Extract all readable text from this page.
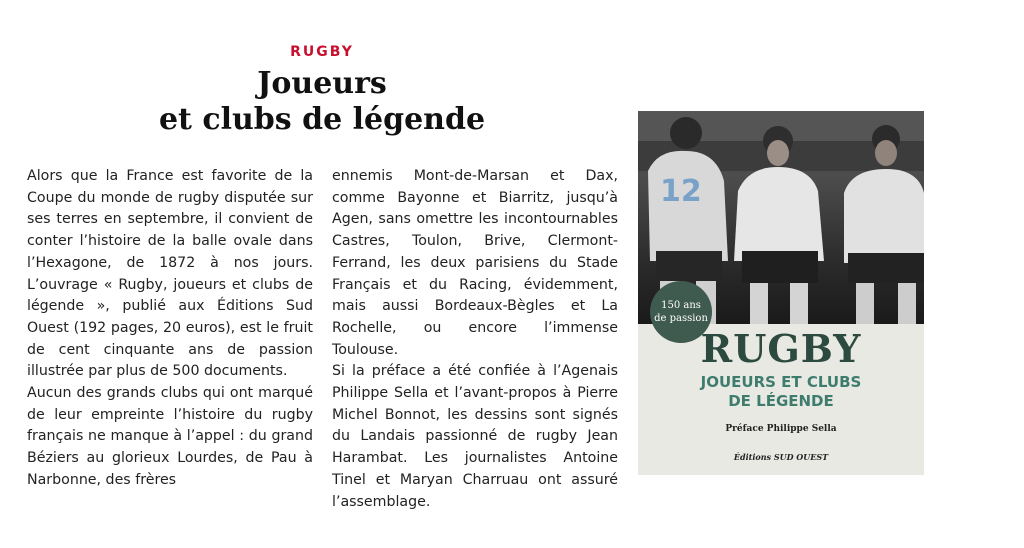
RUGBY
Joueurs
et clubs de légende

Alors que la France est favorite de la Coupe du monde de rugby disputée sur ses terres en septembre, il convient de conter l’histoire de la balle ovale dans l’Hexagone, de 1872 à nos jours. L’ouvrage « Rugby, joueurs et clubs de légende », publié aux Éditions Sud Ouest (192 pages, 20 euros), est le fruit de cent cinquante ans de passion illustrée par plus de 500 documents.

Aucun des grands clubs qui ont marqué de leur empreinte l’histoire du rugby français ne manque à l’appel : du grand Béziers au glorieux Lourdes, de Pau à Narbonne, des frères

ennemis Mont-de-Marsan et Dax, comme Bayonne et Biarritz, jusqu’à Agen, sans omettre les incontournables Castres, Toulon, Brive, Clermont-Ferrand, les deux parisiens du Stade Français et du Racing, évidemment, mais aussi Bordeaux-Bègles et La Rochelle, ou encore l’immense Toulouse.

Si la préface a été confiée à l’Agenais Philippe Sella et l’avant-propos à Pierre Michel Bonnot, les dessins sont signés du Landais passionné de rugby Jean Harambat. Les journalistes Antoine Tinel et Maryan Charruau ont assuré l’assemblage.

12
150 ans
de passion
RUGBY
JOUEURS ET CLUBS
DE LÉGENDE
Préface Philippe Sella
Éditions SUD OUEST
